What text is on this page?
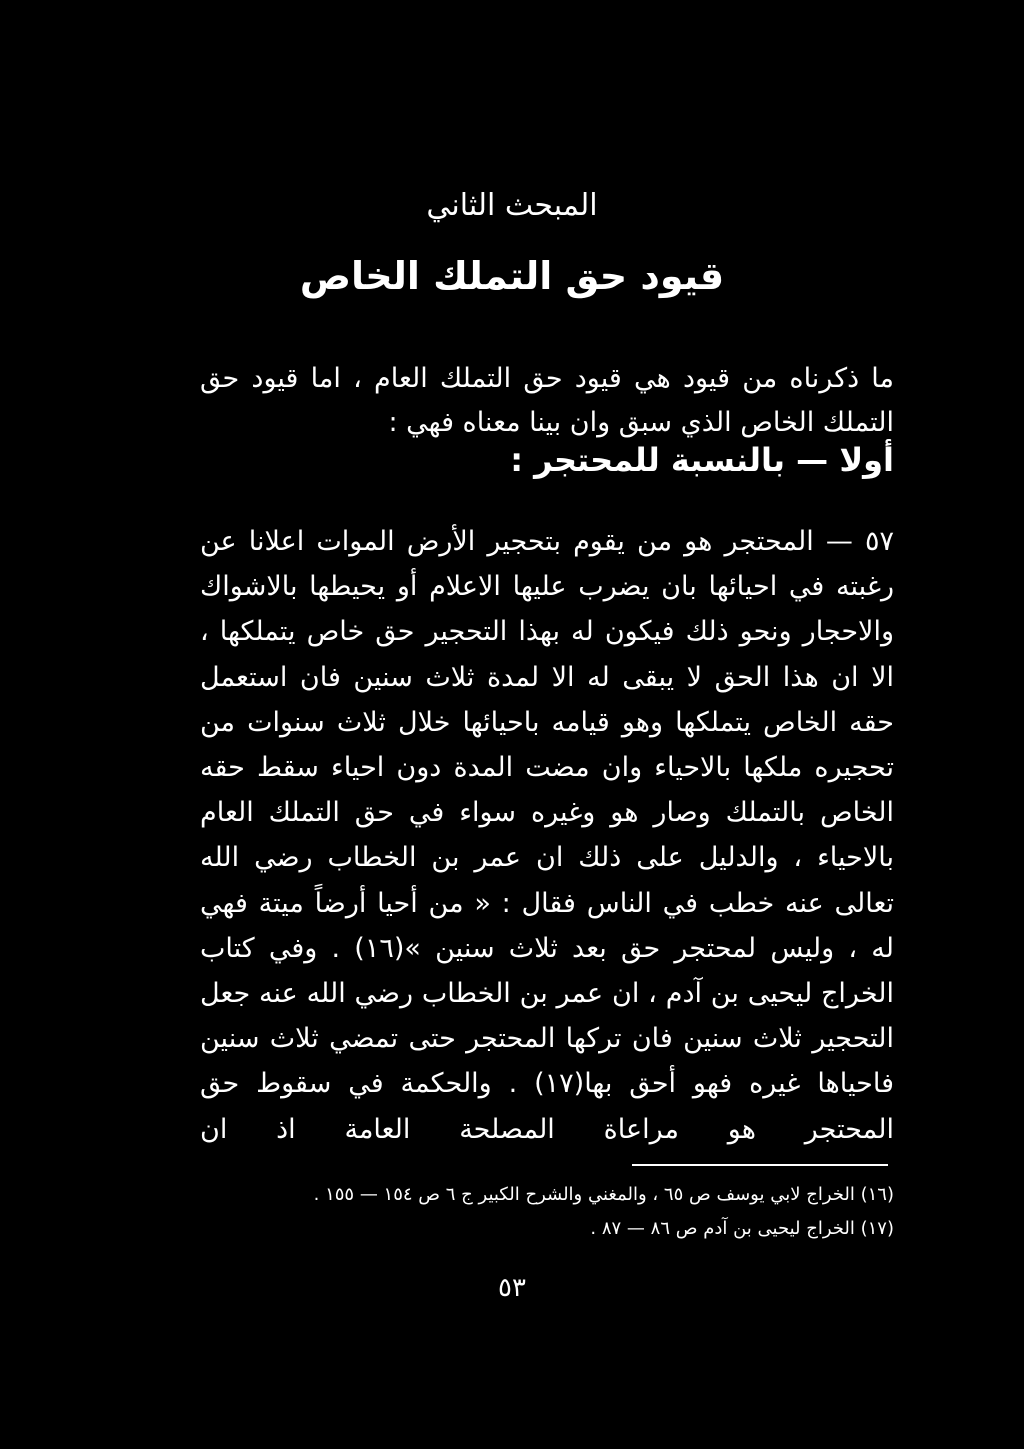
المبحث الثاني
قيود حق التملك الخاص

ما ذكرناه من قيود هي قيود حق التملك العام ، اما قيود حق التملك الخاص الذي سبق وان بينا معناه فهي :

أولا — بالنسبة للمحتجر :

٥٧ — المحتجر هو من يقوم بتحجير الأرض الموات اعلانا عن رغبته في احيائها بان يضرب عليها الاعلام أو يحيطها بالاشواك والاحجار ونحو ذلك فيكون له بهذا التحجير حق خاص يتملكها ، الا ان هذا الحق لا يبقى له الا لمدة ثلاث سنين فان استعمل حقه الخاص يتملكها وهو قيامه باحيائها خلال ثلاث سنوات من تحجيره ملكها بالاحياء وان مضت المدة دون احياء سقط حقه الخاص بالتملك وصار هو وغيره سواء في حق التملك العام بالاحياء ، والدليل على ذلك ان عمر بن الخطاب رضي الله تعالى عنه خطب في الناس فقال : « من أحيا أرضاً ميتة فهي له ، وليس لمحتجر حق بعد ثلاث سنين »(١٦) . وفي كتاب الخراج ليحيى بن آدم ، ان عمر بن الخطاب رضي الله عنه جعل التحجير ثلاث سنين فان تركها المحتجر حتى تمضي ثلاث سنين فاحياها غيره فهو أحق بها(١٧) . والحكمة في سقوط حق المحتجر هو مراعاة المصلحة العامة اذ ان

(١٦) الخراج لابي يوسف ص ٦٥ ، والمغني والشرح الكبير ج ٦ ص ١٥٤ — ١٥٥ .

(١٧) الخراج ليحيى بن آدم ص ٨٦ — ٨٧ .

٥٣
